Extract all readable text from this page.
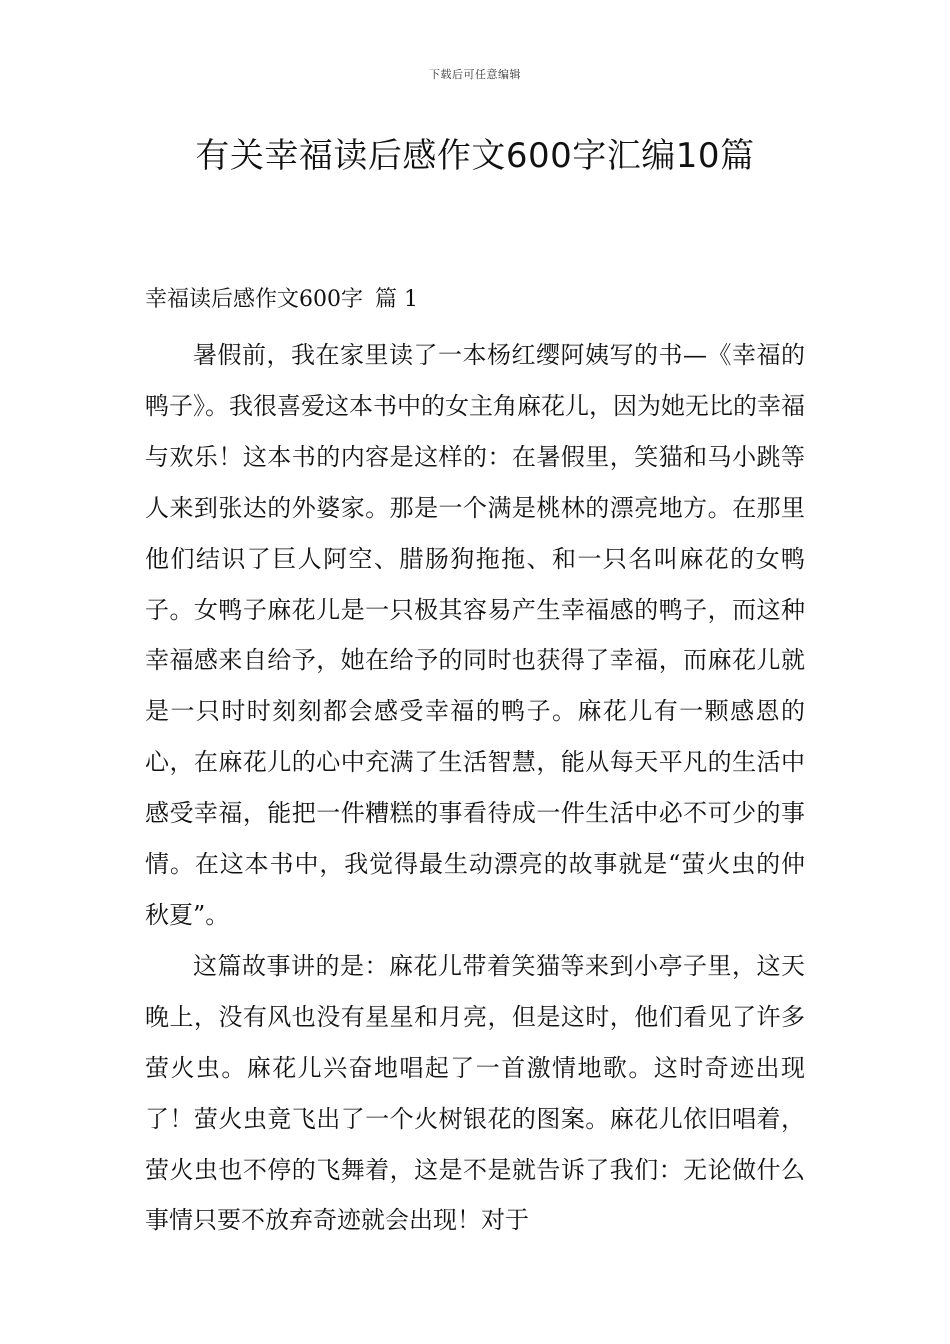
下载后可任意编辑
有关幸福读后感作文600字汇编10篇
幸福读后感作文600字 篇 1

暑假前，我在家里读了一本杨红缨阿姨写的书—《幸福的鸭子》。我很喜爱这本书中的女主角麻花儿，因为她无比的幸福与欢乐！这本书的内容是这样的：在暑假里，笑猫和马小跳等人来到张达的外婆家。那是一个满是桃林的漂亮地方。在那里他们结识了巨人阿空、腊肠狗拖拖、和一只名叫麻花的女鸭子。女鸭子麻花儿是一只极其容易产生幸福感的鸭子，而这种幸福感来自给予，她在给予的同时也获得了幸福，而麻花儿就是一只时时刻刻都会感受幸福的鸭子。麻花儿有一颗感恩的心，在麻花儿的心中充满了生活智慧，能从每天平凡的生活中感受幸福，能把一件糟糕的事看待成一件生活中必不可少的事情。在这本书中，我觉得最生动漂亮的故事就是“萤火虫的仲秋夏”。

这篇故事讲的是：麻花儿带着笑猫等来到小亭子里，这天晚上，没有风也没有星星和月亮，但是这时，他们看见了许多萤火虫。麻花儿兴奋地唱起了一首激情地歌。这时奇迹出现了！萤火虫竟飞出了一个火树银花的图案。麻花儿依旧唱着，萤火虫也不停的飞舞着，这是不是就告诉了我们：无论做什么事情只要不放弃奇迹就会出现！对于
